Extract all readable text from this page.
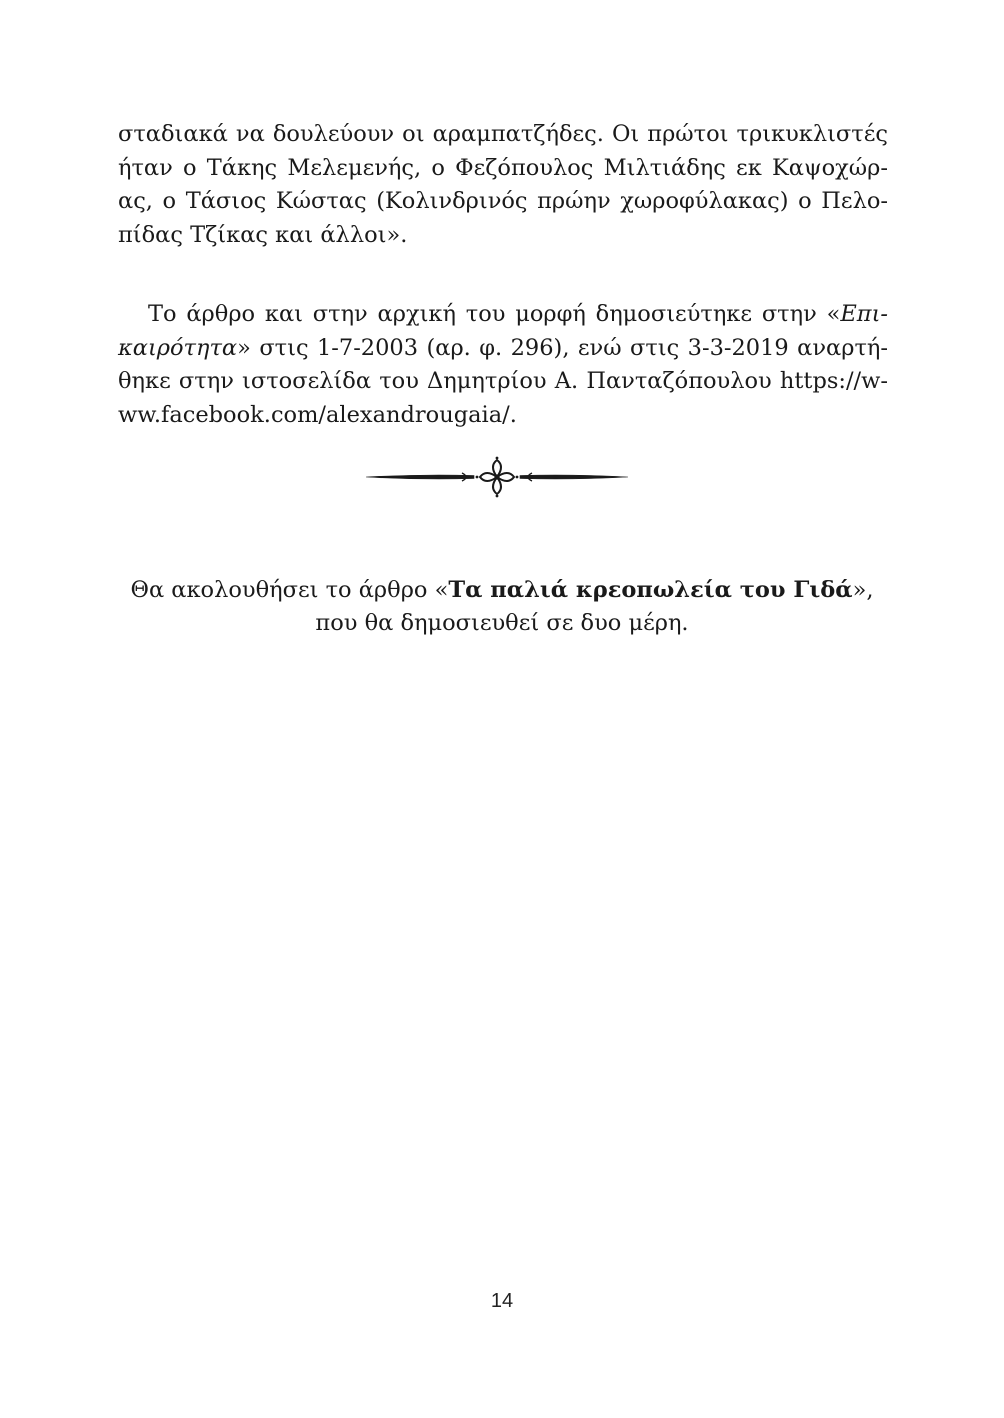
σταδιακά να δουλεύουν οι αραμπατζήδες. Οι πρώτοι τρικυκλιστές
ήταν ο Τάκης Μελεμενής, ο Φεζόπουλος Μιλτιάδης εκ Καψοχώρ-
ας, ο Τάσιος Κώστας (Κολινδρινός πρώην χωροφύλακας) ο Πελο-
πίδας Τζίκας και άλλοι».
Το άρθρο και στην αρχική του μορφή δημοσιεύτηκε στην «Επι-
καιρότητα» στις 1-7-2003 (αρ. φ. 296), ενώ στις 3-3-2019 αναρτή-
θηκε στην ιστοσελίδα του Δημητρίου Α. Πανταζόπουλου https://w-
ww.facebook.com/alexandrougaia/.
Θα ακολουθήσει το άρθρο «Τα παλιά κρεοπωλεία του Γιδά»,
που θα δημοσιευθεί σε δυο μέρη.
14
